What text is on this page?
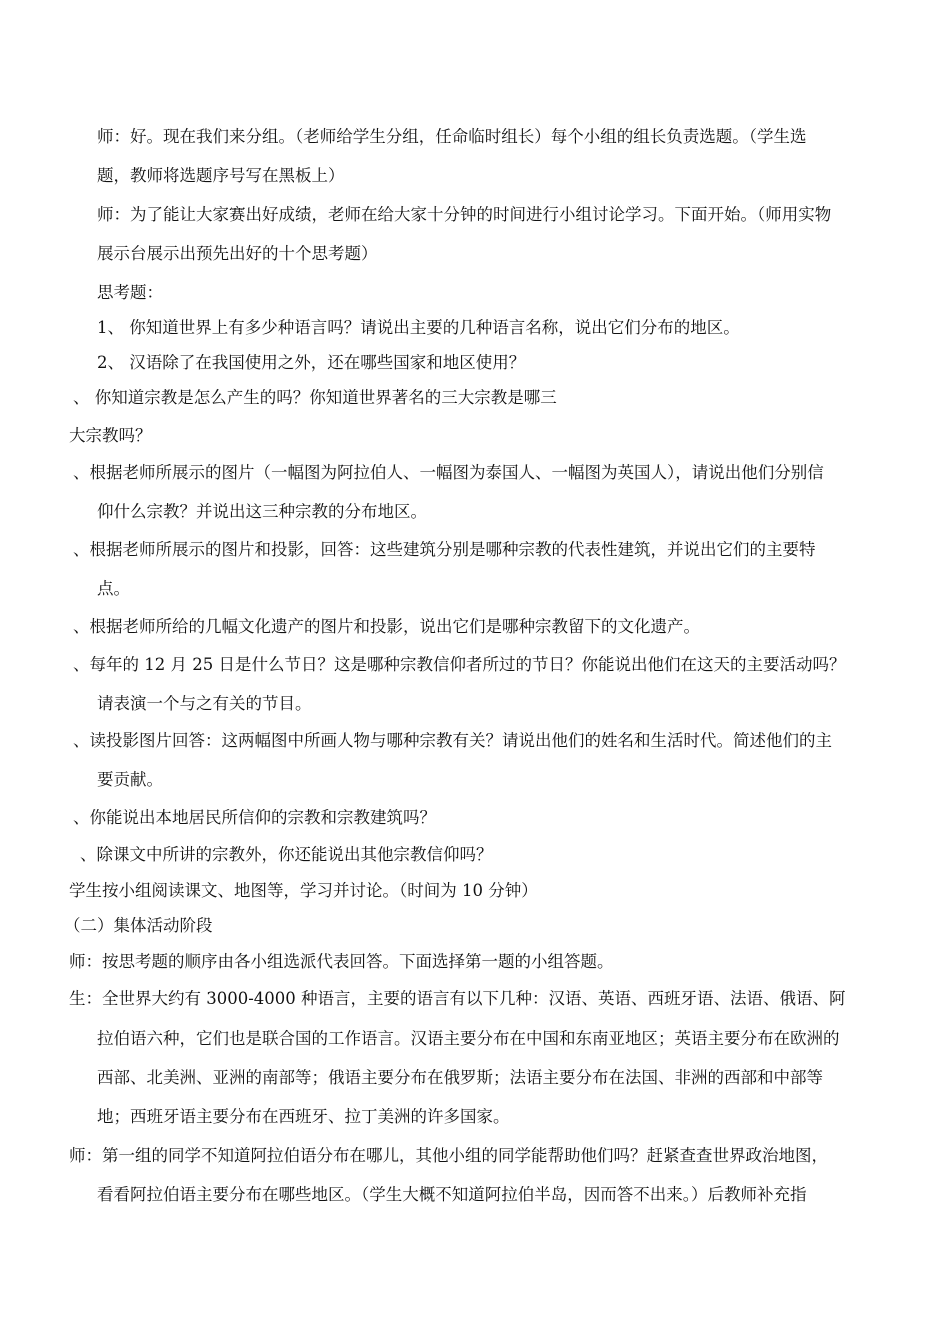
师：好。现在我们来分组。（老师给学生分组，任命临时组长）每个小组的组长负责选题。（学生选
题，教师将选题序号写在黑板上）
师：为了能让大家赛出好成绩，老师在给大家十分钟的时间进行小组讨论学习。下面开始。（师用实物
展示台展示出预先出好的十个思考题）
思考题：
1、 你知道世界上有多少种语言吗？请说出主要的几种语言名称，说出它们分布的地区。
2、 汉语除了在我国使用之外，还在哪些国家和地区使用？
、 你知道宗教是怎么产生的吗？你知道世界著名的三大宗教是哪三
大宗教吗？
、根据老师所展示的图片（一幅图为阿拉伯人、一幅图为泰国人、一幅图为英国人），请说出他们分别信
仰什么宗教？并说出这三种宗教的分布地区。
、根据老师所展示的图片和投影，回答：这些建筑分别是哪种宗教的代表性建筑，并说出它们的主要特
点。
、根据老师所给的几幅文化遗产的图片和投影，说出它们是哪种宗教留下的文化遗产。
、每年的 12 月 25 日是什么节日？这是哪种宗教信仰者所过的节日？你能说出他们在这天的主要活动吗？
请表演一个与之有关的节目。
、读投影图片回答：这两幅图中所画人物与哪种宗教有关？请说出他们的姓名和生活时代。简述他们的主
要贡献。
、你能说出本地居民所信仰的宗教和宗教建筑吗？
、除课文中所讲的宗教外，你还能说出其他宗教信仰吗？
学生按小组阅读课文、地图等，学习并讨论。（时间为 10 分钟）
（二）集体活动阶段
师：按思考题的顺序由各小组选派代表回答。下面选择第一题的小组答题。
生：全世界大约有 3000-4000 种语言，主要的语言有以下几种：汉语、英语、西班牙语、法语、俄语、阿
拉伯语六种，它们也是联合国的工作语言。汉语主要分布在中国和东南亚地区；英语主要分布在欧洲的
西部、北美洲、亚洲的南部等；俄语主要分布在俄罗斯；法语主要分布在法国、非洲的西部和中部等
地；西班牙语主要分布在西班牙、拉丁美洲的许多国家。
师：第一组的同学不知道阿拉伯语分布在哪儿，其他小组的同学能帮助他们吗？赶紧查查世界政治地图，
看看阿拉伯语主要分布在哪些地区。（学生大概不知道阿拉伯半岛，因而答不出来。）后教师补充指
